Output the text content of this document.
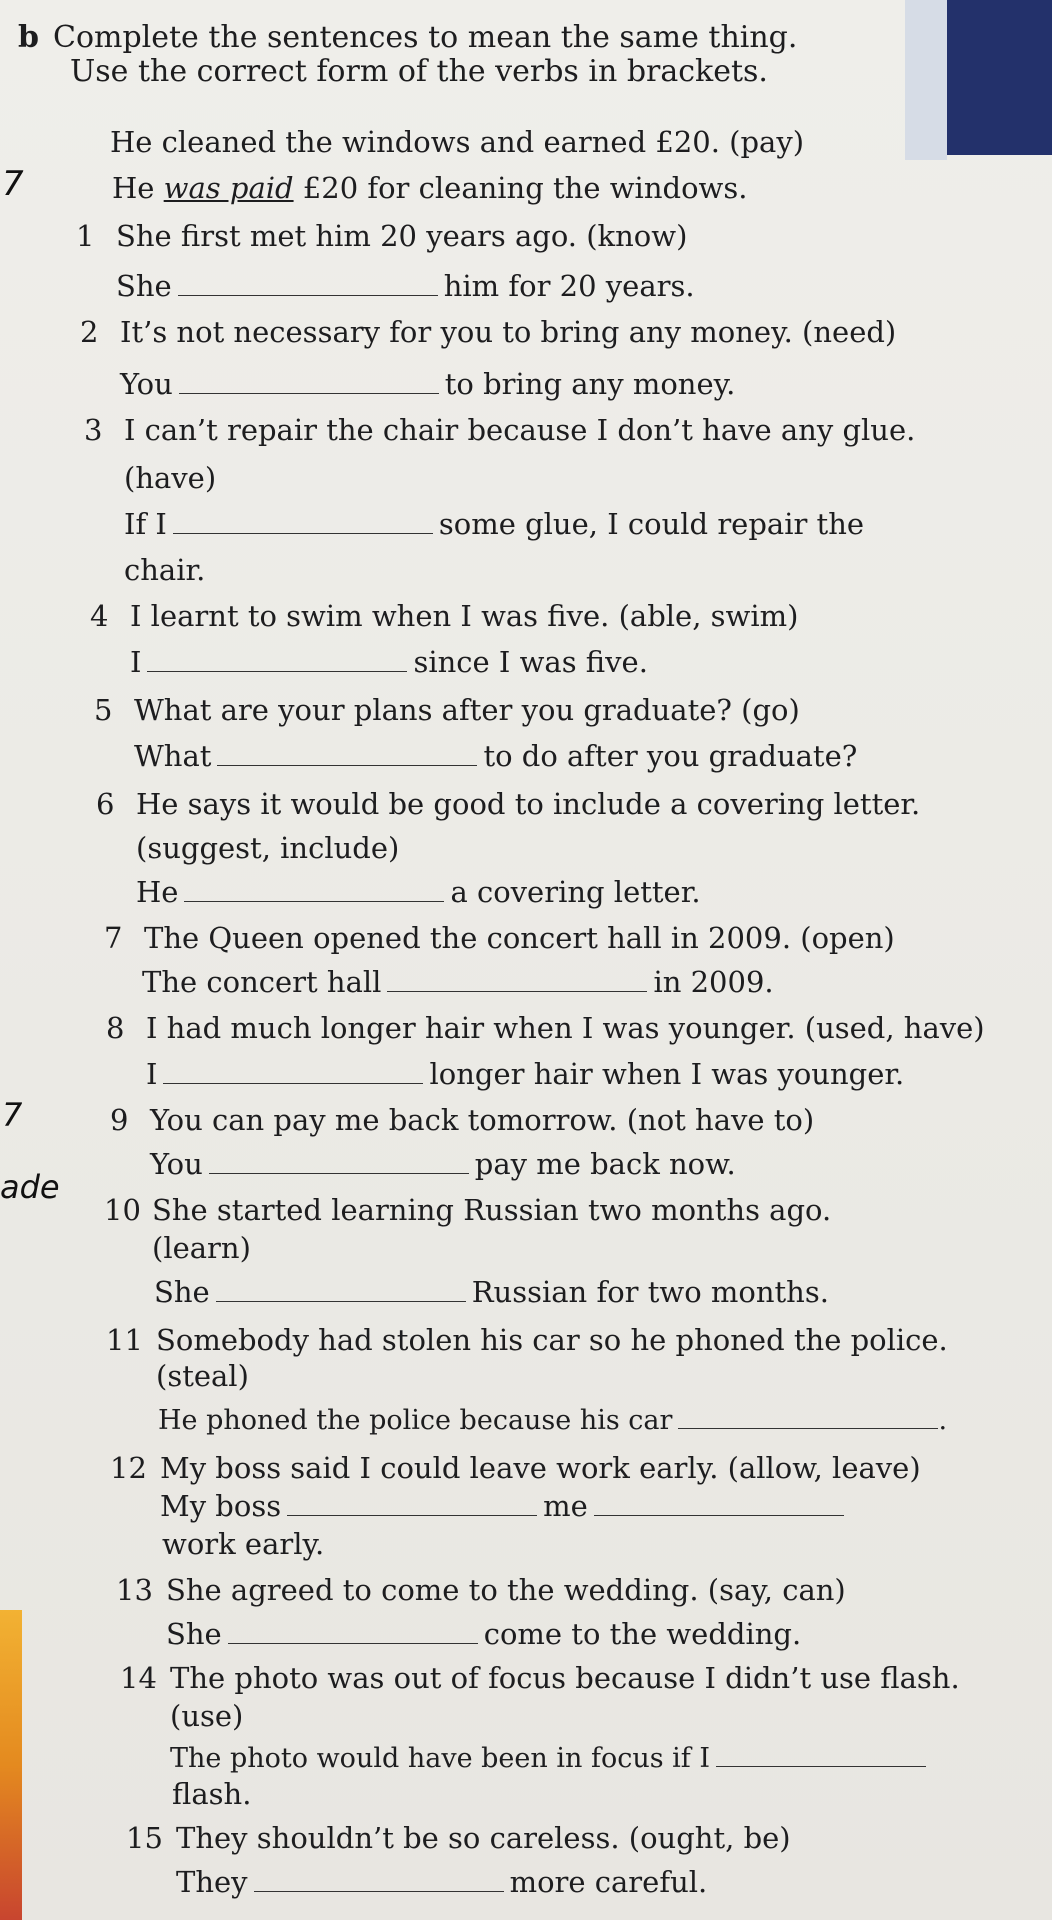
7
7
ade
b Complete the sentences to mean the same thing.
Use the correct form of the verbs in brackets.
He cleaned the windows and earned £20. (pay)
He was paid £20 for cleaning the windows.
1 She first met him 20 years ago. (know)
She	him for 20 years.
2 It’s not necessary for you to bring any money. (need)
You	to bring any money.
3 I can’t repair the chair because I don’t have any glue.
(have)
If I	some glue, I could repair the
chair.
4 I learnt to swim when I was five. (able, swim)
I	since I was five.
5 What are your plans after you graduate? (go)
What	to do after you graduate?
6 He says it would be good to include a covering letter.
(suggest, include)
He	a covering letter.
7 The Queen opened the concert hall in 2009. (open)
The concert hall	in 2009.
8 I had much longer hair when I was younger. (used, have)
I	longer hair when I was younger.
9 You can pay me back tomorrow. (not have to)
You	pay me back now.
10 She started learning Russian two months ago.
(learn)
She	Russian for two months.
11 Somebody had stolen his car so he phoned the police.
(steal)
He phoned the police because his car	.
12 My boss said I could leave work early. (allow, leave)
My boss	me
work early.
13 She agreed to come to the wedding. (say, can)
She	come to the wedding.
14 The photo was out of focus because I didn’t use flash.
(use)
The photo would have been in focus if I
flash.
15 They shouldn’t be so careless. (ought, be)
They	more careful.
